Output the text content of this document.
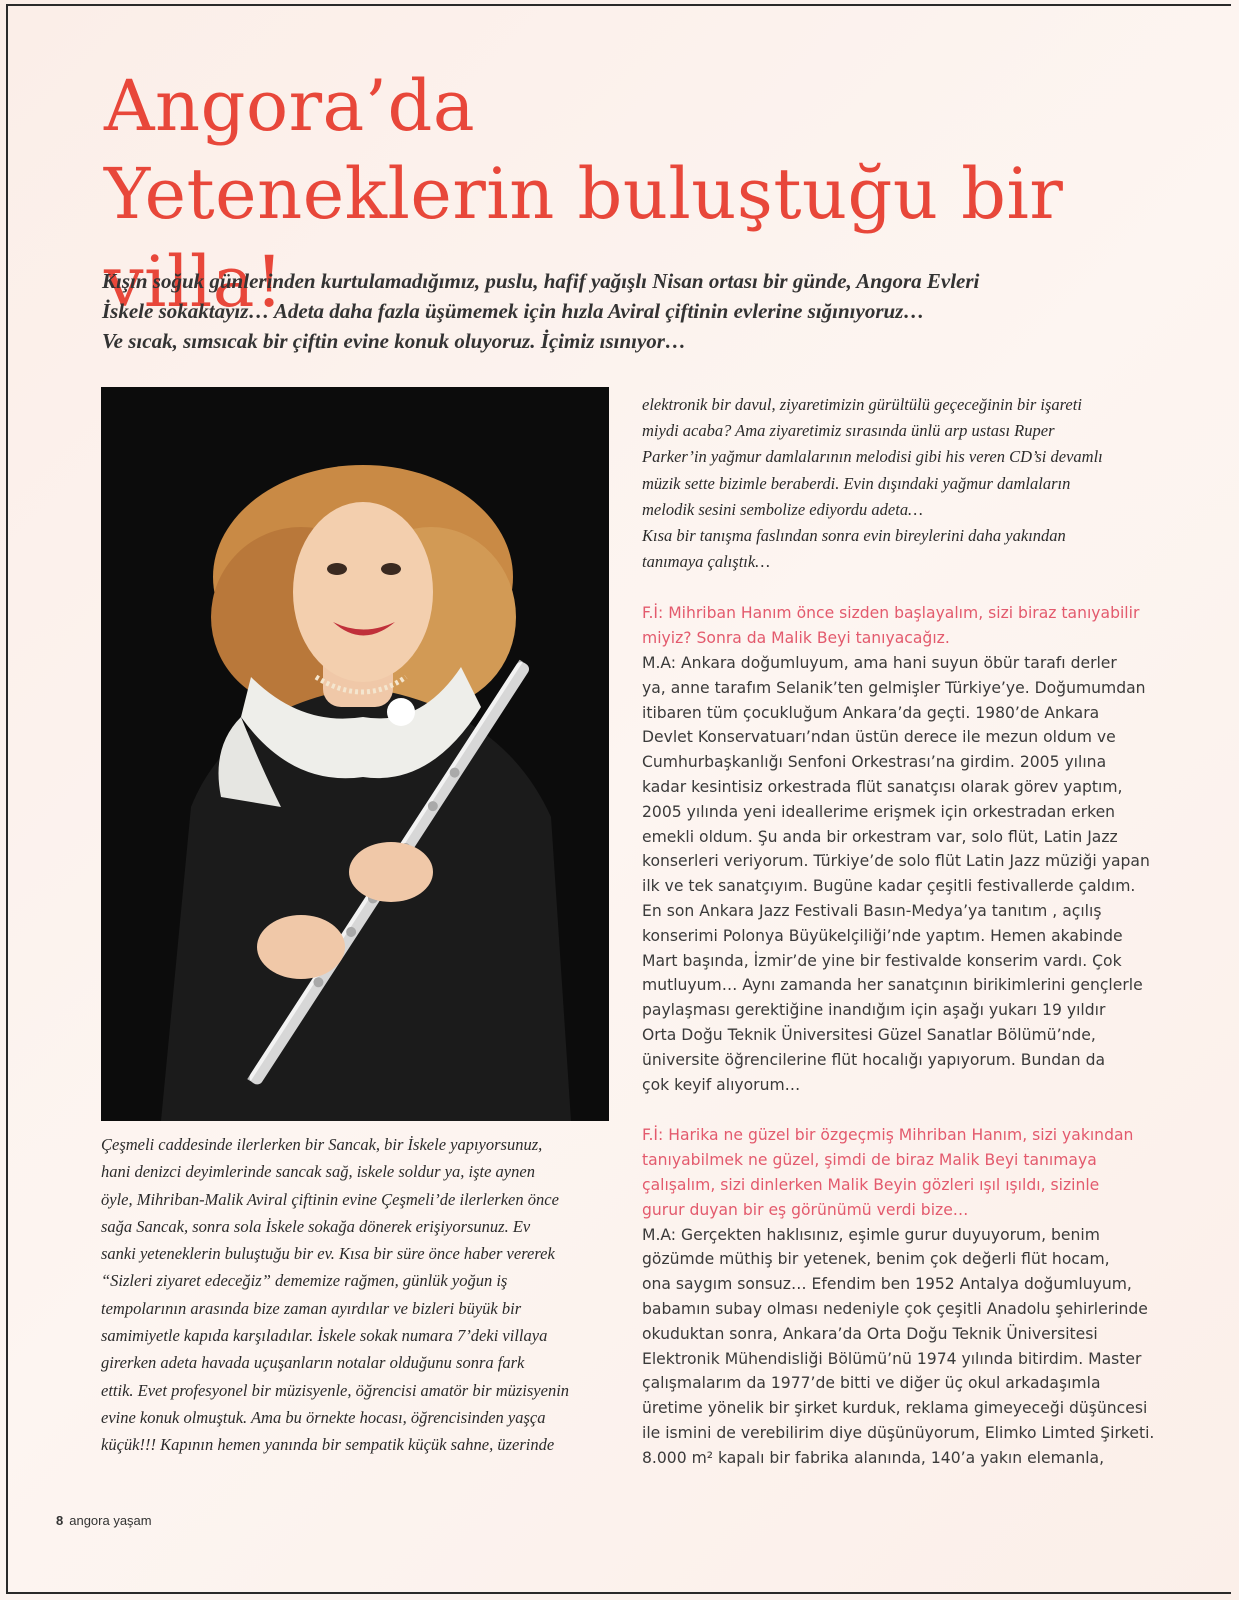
Angora’da
Yeteneklerin buluştuğu bir villa!
Kışın soğuk günlerinden kurtulamadığımız, puslu, hafif yağışlı Nisan ortası bir günde, Angora Evleri
İskele sokaktayız… Adeta daha fazla üşümemek için hızla Aviral çiftinin evlerine sığınıyoruz…
Ve sıcak, sımsıcak bir çiftin evine konuk oluyoruz. İçimiz ısınıyor…
Çeşmeli caddesinde ilerlerken bir Sancak, bir İskele yapıyorsunuz,
hani denizci deyimlerinde sancak sağ, iskele soldur ya, işte aynen
öyle, Mihriban-Malik Aviral çiftinin evine Çeşmeli’de ilerlerken önce
sağa Sancak, sonra sola İskele sokağa dönerek erişiyorsunuz. Ev
sanki yeteneklerin buluştuğu bir ev. Kısa bir süre önce haber vererek
“Sizleri ziyaret edeceğiz” dememize rağmen, günlük yoğun iş
tempolarının arasında bize zaman ayırdılar ve bizleri büyük bir
samimiyetle kapıda karşıladılar. İskele sokak numara 7’deki villaya
girerken adeta havada uçuşanların notalar olduğunu sonra fark
ettik. Evet profesyonel bir müzisyenle, öğrencisi amatör bir müzisyenin
evine konuk olmuştuk. Ama bu örnekte hocası, öğrencisinden yaşça
küçük!!! Kapının hemen yanında bir sempatik küçük sahne, üzerinde
elektronik bir davul, ziyaretimizin gürültülü geçeceğinin bir işareti
miydi acaba? Ama ziyaretimiz sırasında ünlü arp ustası Ruper
Parker’in yağmur damlalarının melodisi gibi his veren CD’si devamlı
müzik sette bizimle beraberdi. Evin dışındaki yağmur damlaların
melodik sesini sembolize ediyordu adeta…
Kısa bir tanışma faslından sonra evin bireylerini daha yakından
tanımaya çalıştık…
F.İ: Mihriban Hanım önce sizden başlayalım, sizi biraz tanıyabilir
miyiz? Sonra da Malik Beyi tanıyacağız.
M.A: Ankara doğumluyum, ama hani suyun öbür tarafı derler
ya, anne tarafım Selanik’ten gelmişler Türkiye’ye. Doğumumdan
itibaren tüm çocukluğum Ankara’da geçti. 1980’de Ankara
Devlet Konservatuarı’ndan üstün derece ile mezun oldum ve
Cumhurbaşkanlığı Senfoni Orkestrası’na girdim. 2005 yılına
kadar kesintisiz orkestrada flüt sanatçısı olarak görev yaptım,
2005 yılında yeni ideallerime erişmek için orkestradan erken
emekli oldum. Şu anda bir orkestram var, solo flüt, Latin Jazz
konserleri veriyorum. Türkiye’de solo flüt Latin Jazz müziği yapan
ilk ve tek sanatçıyım. Bugüne kadar çeşitli festivallerde çaldım.
En son Ankara Jazz Festivali Basın-Medya’ya tanıtım , açılış
konserimi Polonya Büyükelçiliği’nde yaptım. Hemen akabinde
Mart başında, İzmir’de yine bir festivalde konserim vardı. Çok
mutluyum… Aynı zamanda her sanatçının birikimlerini gençlerle
paylaşması gerektiğine inandığım için aşağı yukarı 19 yıldır
Orta Doğu Teknik Üniversitesi Güzel Sanatlar Bölümü’nde,
üniversite öğrencilerine flüt hocalığı yapıyorum. Bundan da
çok keyif alıyorum…
F.İ: Harika ne güzel bir özgeçmiş Mihriban Hanım, sizi yakından
tanıyabilmek ne güzel, şimdi de biraz Malik Beyi tanımaya
çalışalım, sizi dinlerken Malik Beyin gözleri ışıl ışıldı, sizinle
gurur duyan bir eş görünümü verdi bize…
M.A: Gerçekten haklısınız, eşimle gurur duyuyorum, benim
gözümde müthiş bir yetenek, benim çok değerli flüt hocam,
ona saygım sonsuz… Efendim ben 1952 Antalya doğumluyum,
babamın subay olması nedeniyle çok çeşitli Anadolu şehirlerinde
okuduktan sonra, Ankara’da Orta Doğu Teknik Üniversitesi
Elektronik Mühendisliği Bölümü’nü 1974 yılında bitirdim. Master
çalışmalarım da 1977’de bitti ve diğer üç okul arkadaşımla
üretime yönelik bir şirket kurduk, reklama gimeyeceği düşüncesi
ile ismini de verebilirim diye düşünüyorum, Elimko Limted Şirketi.
8.000 m² kapalı bir fabrika alanında, 140’a yakın elemanla,
8 angora yaşam
